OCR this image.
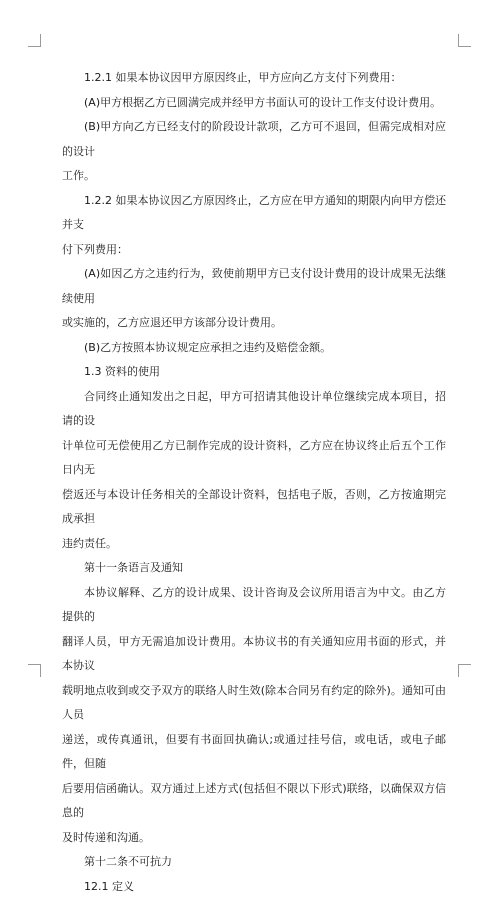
1.2.1 如果本协议因甲方原因终止，甲方应向乙方支付下列费用：

(A)甲方根据乙方已圆满完成并经甲方书面认可的设计工作支付设计费用。

(B)甲方向乙方已经支付的阶段设计款项，乙方可不退回，但需完成相对应的设计
工作。

1.2.2 如果本协议因乙方原因终止，乙方应在甲方通知的期限内向甲方偿还并支
付下列费用：

(A)如因乙方之违约行为，致使前期甲方已支付设计费用的设计成果无法继续使用
或实施的，乙方应退还甲方该部分设计费用。

(B)乙方按照本协议规定应承担之违约及赔偿金额。

1.3 资料的使用

合同终止通知发出之日起，甲方可招请其他设计单位继续完成本项目，招请的设
计单位可无偿使用乙方已制作完成的设计资料，乙方应在协议终止后五个工作日内无
偿返还与本设计任务相关的全部设计资料，包括电子版，否则，乙方按逾期完成承担
违约责任。

第十一条语言及通知

本协议解释、乙方的设计成果、设计咨询及会议所用语言为中文。由乙方提供的
翻译人员，甲方无需追加设计费用。本协议书的有关通知应用书面的形式，并本协议
载明地点收到或交予双方的联络人时生效(除本合同另有约定的除外)。通知可由人员
递送，或传真通讯，但要有书面回执确认;或通过挂号信，或电话，或电子邮件，但随
后要用信函确认。双方通过上述方式(包括但不限以下形式)联络，以确保双方信息的
及时传递和沟通。

第十二条不可抗力

12.1 定义
